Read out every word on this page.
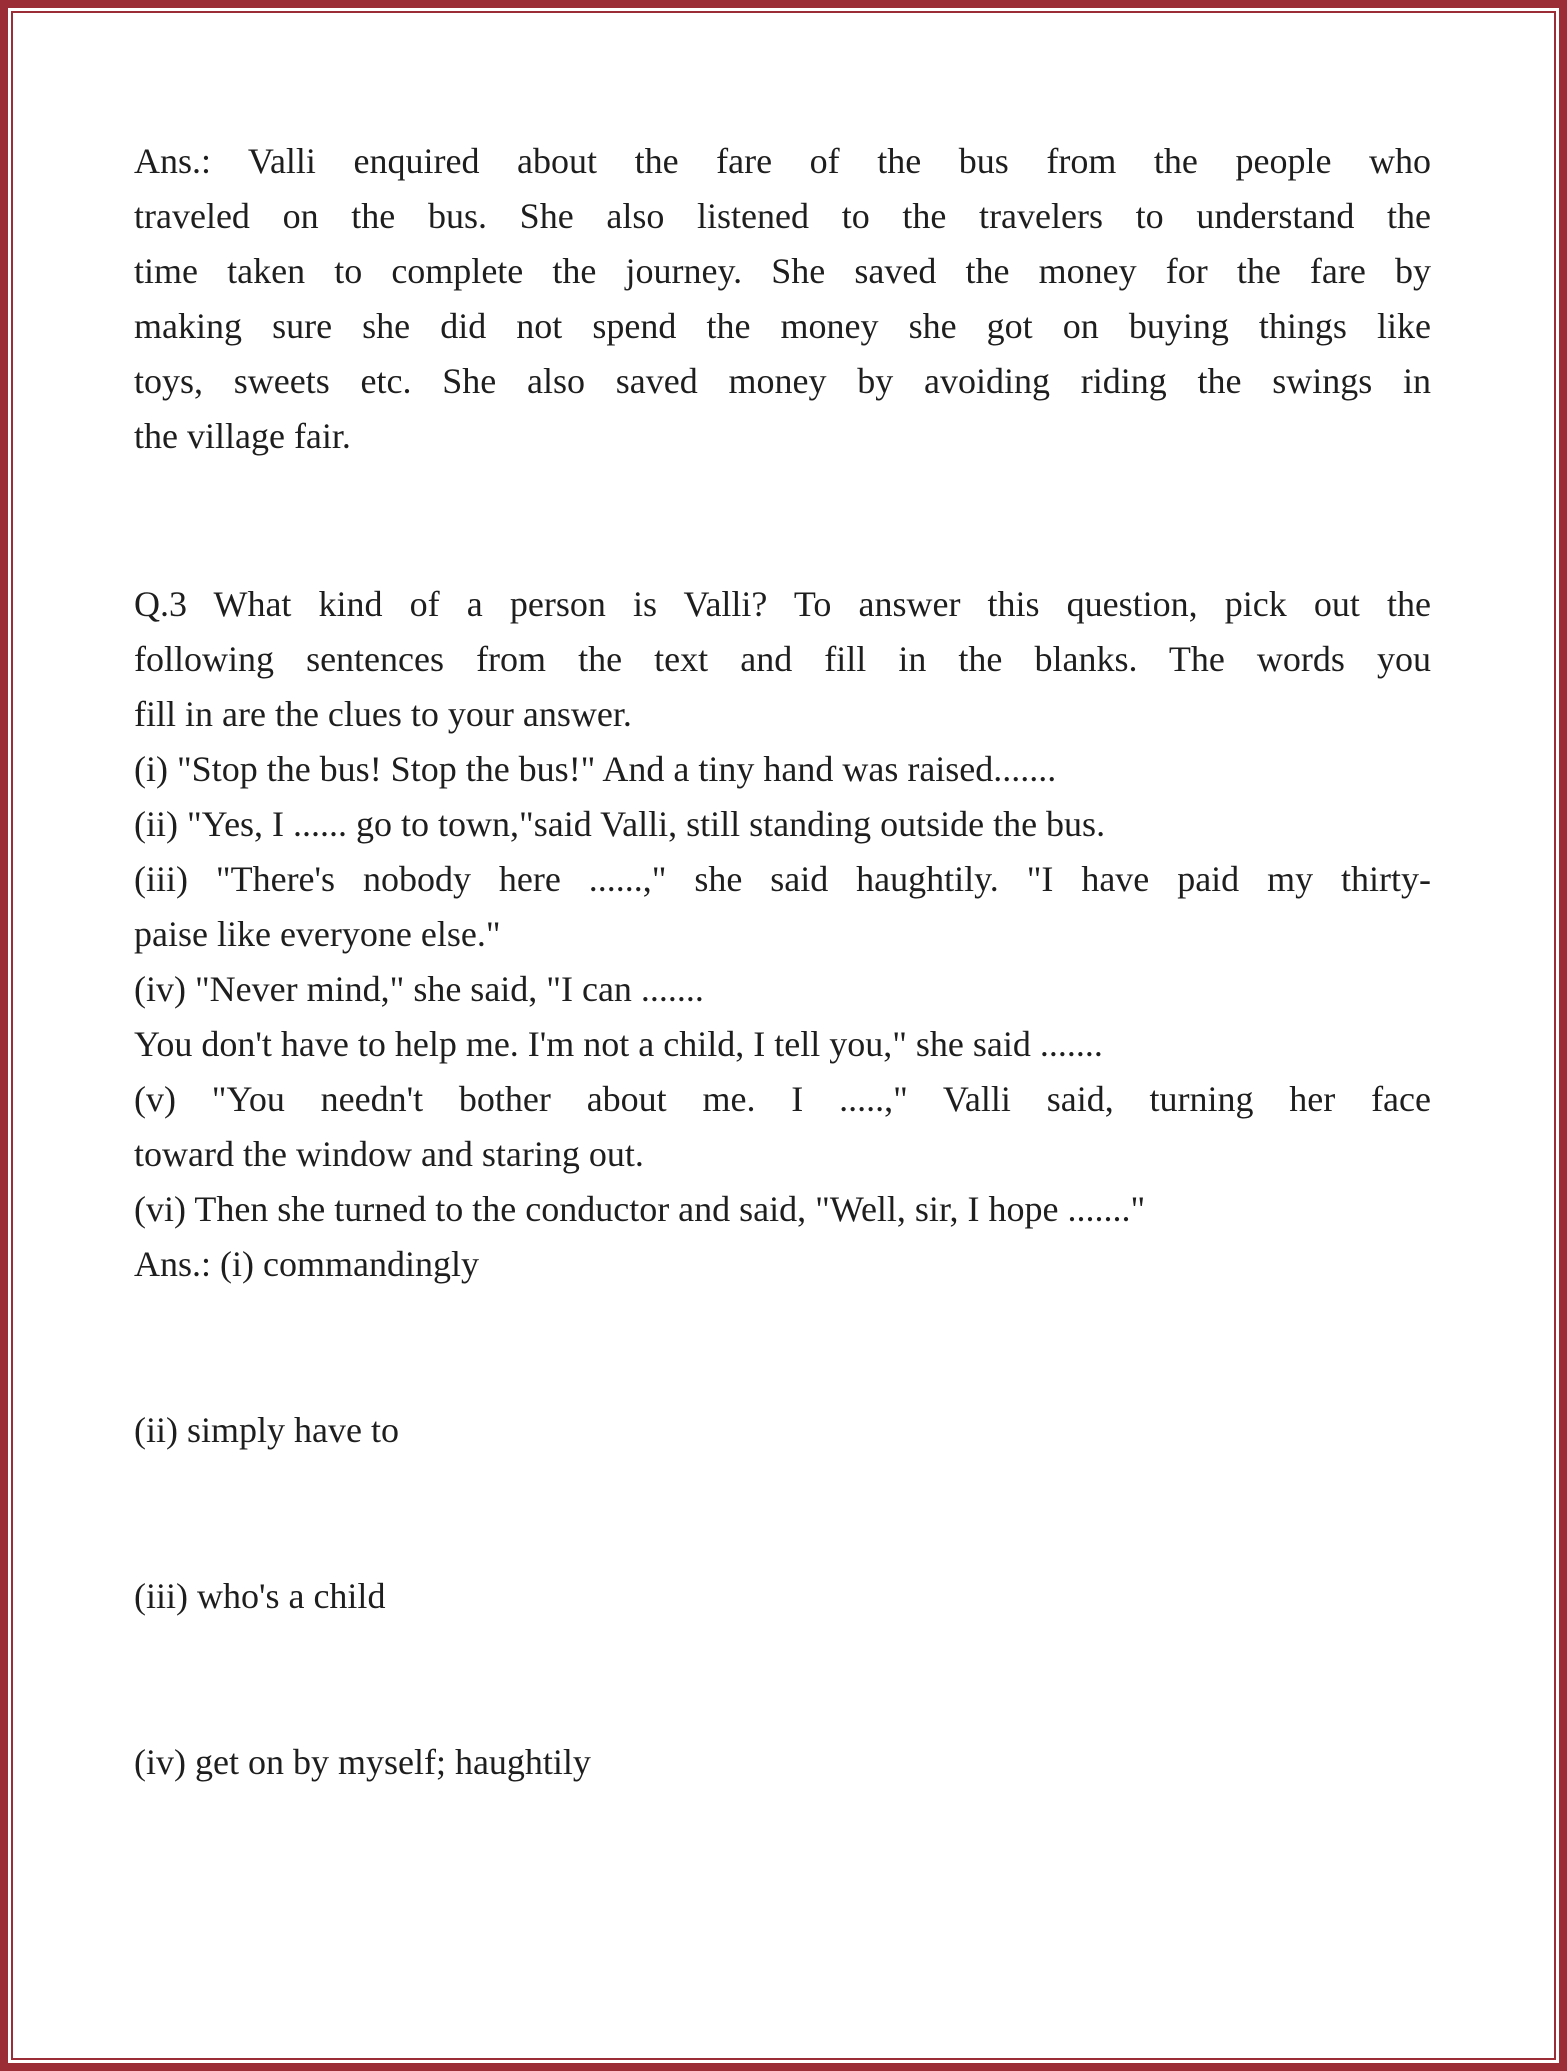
Ans.: Valli enquired about the fare of the bus from the people who
traveled on the bus. She also listened to the travelers to understand the
time taken to complete the journey. She saved the money for the fare by
making sure she did not spend the money she got on buying things like
toys, sweets etc. She also saved money by avoiding riding the swings in
the village fair.
Q.3 What kind of a person is Valli? To answer this question, pick out the
following sentences from the text and fill in the blanks. The words you
fill in are the clues to your answer.
(i) "Stop the bus! Stop the bus!" And a tiny hand was raised.......
(ii) "Yes, I ...... go to town,"said Valli, still standing outside the bus.
(iii) "There's nobody here ......," she said haughtily. "I have paid my thirty-
paise like everyone else."
(iv) "Never mind," she said, "I can .......
You don't have to help me. I'm not a child, I tell you," she said .......
(v) "You needn't bother about me. I .....," Valli said, turning her face
toward the window and staring out.
(vi) Then she turned to the conductor and said, "Well, sir, I hope ......."
Ans.: (i) commandingly
(ii) simply have to
(iii) who's a child
(iv) get on by myself; haughtily
